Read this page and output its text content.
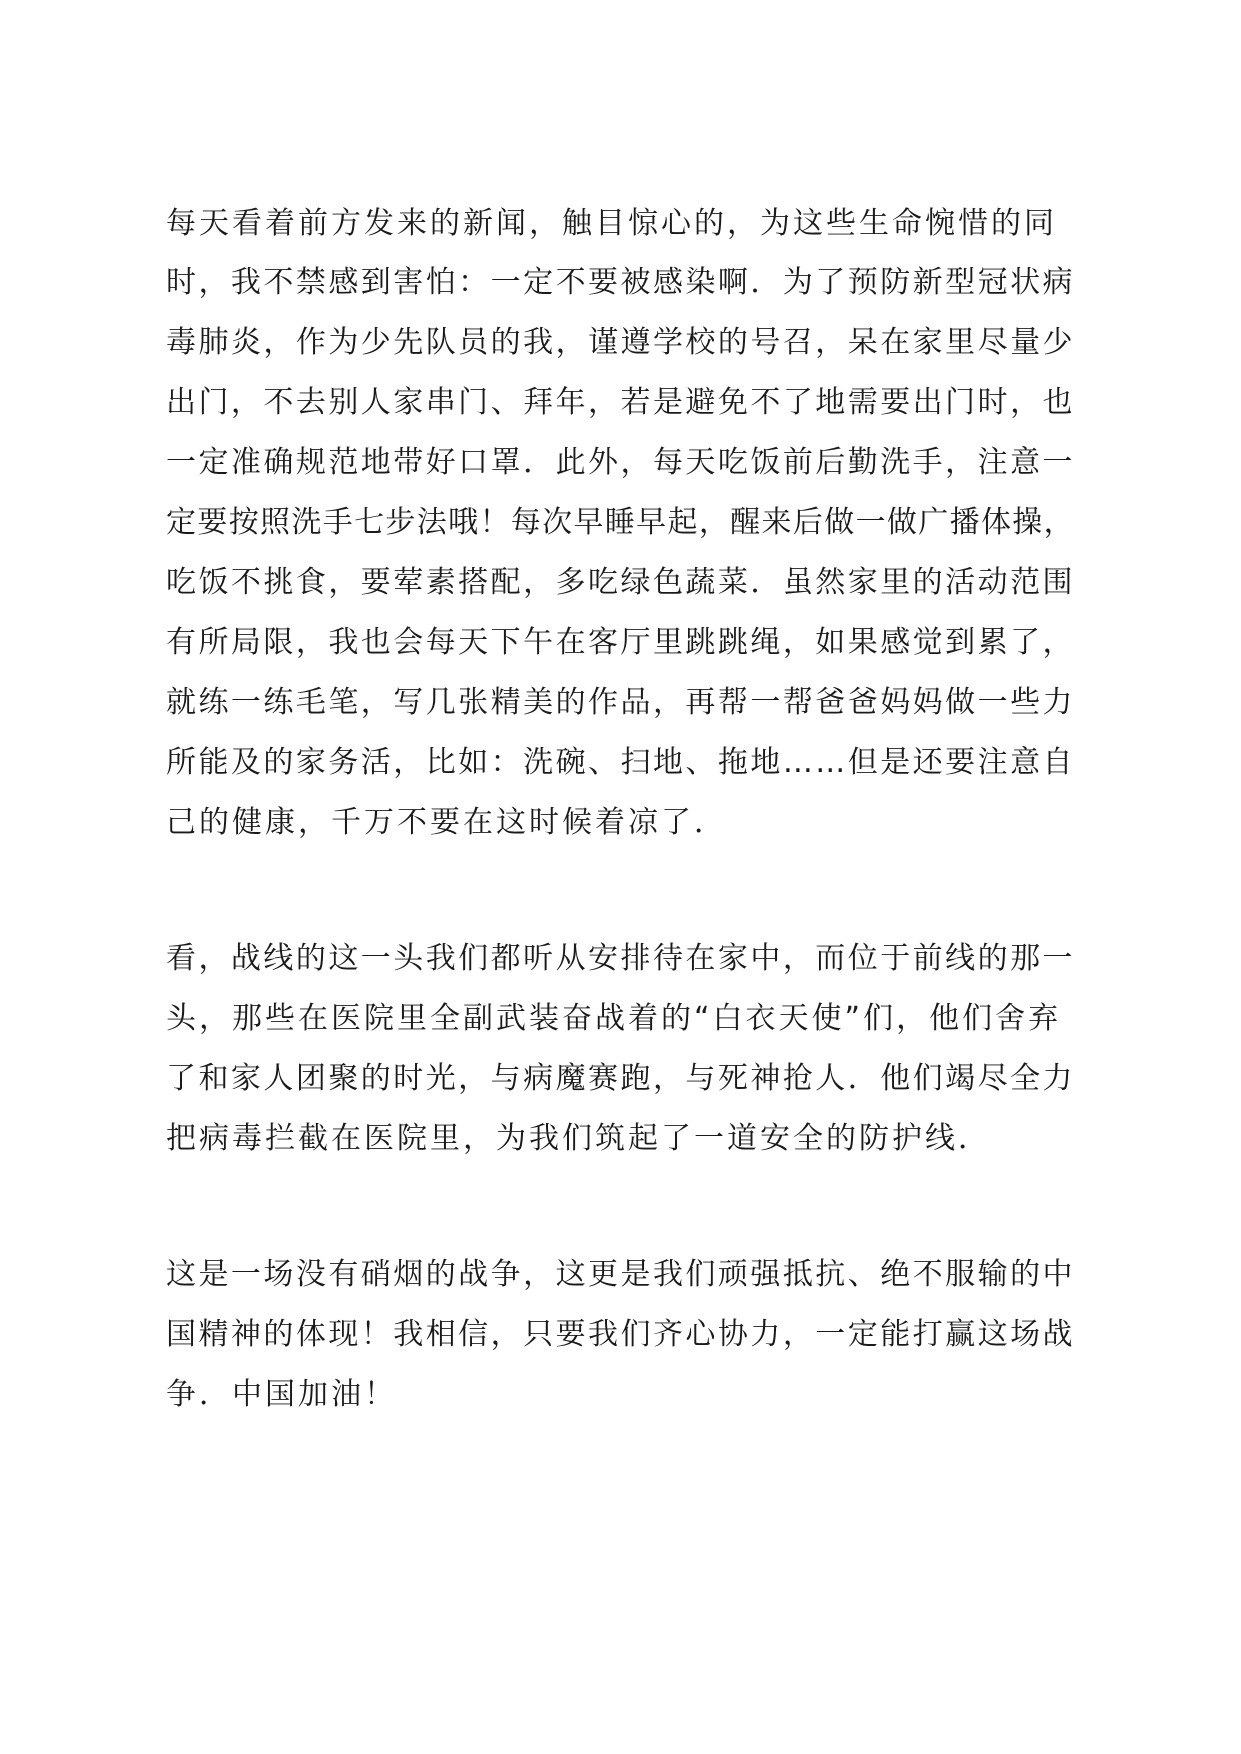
每天看着前方发来的新闻，触目惊心的，为这些生命惋惜的同
时，我不禁感到害怕：一定不要被感染啊．为了预防新型冠状病
毒肺炎，作为少先队员的我，谨遵学校的号召，呆在家里尽量少
出门，不去别人家串门、拜年，若是避免不了地需要出门时，也
一定准确规范地带好口罩．此外，每天吃饭前后勤洗手，注意一
定要按照洗手七步法哦！每次早睡早起，醒来后做一做广播体操，
吃饭不挑食，要荤素搭配，多吃绿色蔬菜．虽然家里的活动范围
有所局限，我也会每天下午在客厅里跳跳绳，如果感觉到累了，
就练一练毛笔，写几张精美的作品，再帮一帮爸爸妈妈做一些力
所能及的家务活，比如：洗碗、扫地、拖地……但是还要注意自
己的健康，千万不要在这时候着凉了．
看，战线的这一头我们都听从安排待在家中，而位于前线的那一
头，那些在医院里全副武装奋战着的“白衣天使”们，他们舍弃
了和家人团聚的时光，与病魔赛跑，与死神抢人．他们竭尽全力
把病毒拦截在医院里，为我们筑起了一道安全的防护线．
这是一场没有硝烟的战争，这更是我们顽强抵抗、绝不服输的中
国精神的体现！我相信，只要我们齐心协力，一定能打赢这场战
争．中国加油！
